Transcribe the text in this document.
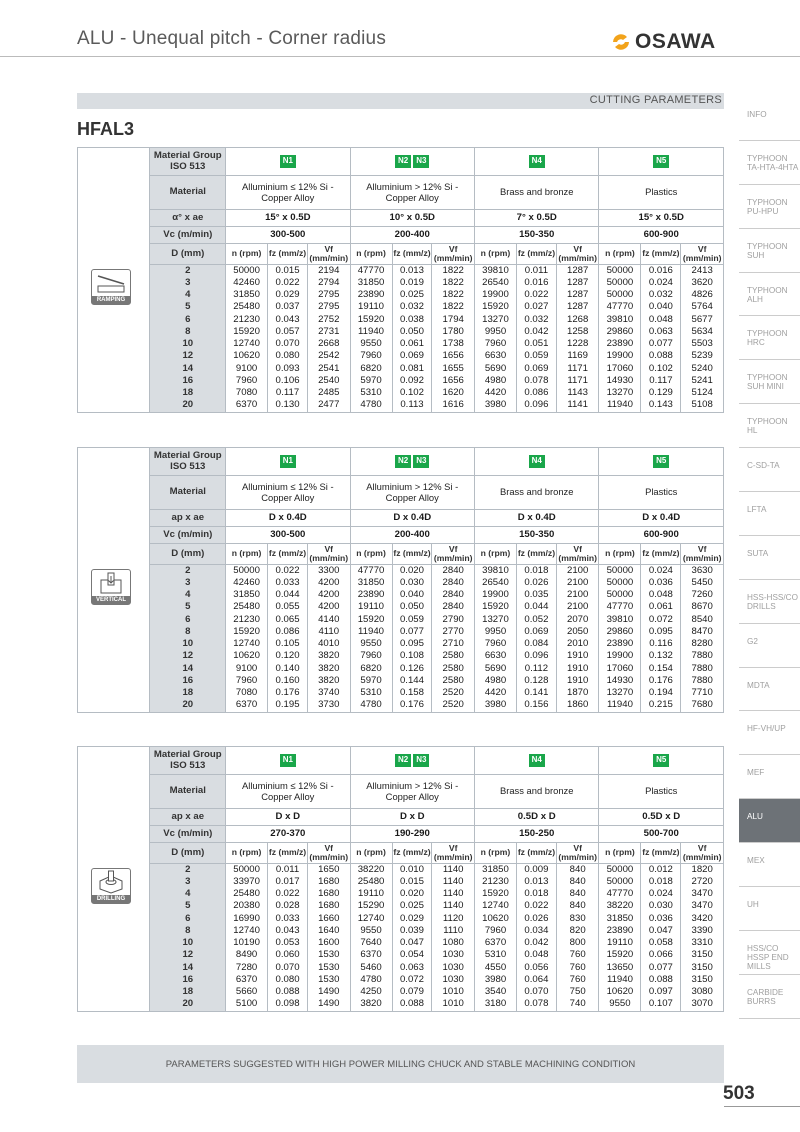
ALU - Unequal pitch - Corner radius	OSAWA
CUTTING PARAMETERS
HFAL3
	Material Group ISO 513	N1			N2 N3			N4			N5		
	Material	Alluminium ≤ 12% Si - Copper Alloy			Alluminium > 12% Si - Copper Alloy			Brass and bronze			Plastics		
	α° x ae	15° x 0.5D			10° x 0.5D			7° x 0.5D			15° x 0.5D		
	Vc (m/min)	300-500			200-400			150-350			600-900		
	D (mm)	n (rpm)	fz (mm/z)	Vf (mm/min)	n (rpm)	fz (mm/z)	Vf (mm/min)	n (rpm)	fz (mm/z)	Vf (mm/min)	n (rpm)	fz (mm/z)	Vf (mm/min)
	2	50000	0.015	2194	47770	0.013	1822	39810	0.011	1287	50000	0.016	2413
	3	42460	0.022	2794	31850	0.019	1822	26540	0.016	1287	50000	0.024	3620
	4	31850	0.029	2795	23890	0.025	1822	19900	0.022	1287	50000	0.032	4826
	5	25480	0.037	2795	19110	0.032	1822	15920	0.027	1287	47770	0.040	5764
	6	21230	0.043	2752	15920	0.038	1794	13270	0.032	1268	39810	0.048	5677
	8	15920	0.057	2731	11940	0.050	1780	9950	0.042	1258	29860	0.063	5634
	10	12740	0.070	2668	9550	0.061	1738	7960	0.051	1228	23890	0.077	5503
	12	10620	0.080	2542	7960	0.069	1656	6630	0.059	1169	19900	0.088	5239
	14	9100	0.093	2541	6820	0.081	1655	5690	0.069	1171	17060	0.102	5240
	16	7960	0.106	2540	5970	0.092	1656	4980	0.078	1171	14930	0.117	5241
	18	7080	0.117	2485	5310	0.102	1620	4420	0.086	1143	13270	0.129	5124
	20	6370	0.130	2477	4780	0.113	1616	3980	0.096	1141	11940	0.143	5108
RAMPING
	Material Group ISO 513	N1			N2 N3			N4			N5		
	Material	Alluminium ≤ 12% Si - Copper Alloy			Alluminium > 12% Si - Copper Alloy			Brass and bronze			Plastics		
	ap x ae	D x 0.4D			D x 0.4D			D x 0.4D			D x 0.4D		
	Vc (m/min)	300-500			200-400			150-350			600-900		
	D (mm)	n (rpm)	fz (mm/z)	Vf (mm/min)	n (rpm)	fz (mm/z)	Vf (mm/min)	n (rpm)	fz (mm/z)	Vf (mm/min)	n (rpm)	fz (mm/z)	Vf (mm/min)
	2	50000	0.022	3300	47770	0.020	2840	39810	0.018	2100	50000	0.024	3630
	3	42460	0.033	4200	31850	0.030	2840	26540	0.026	2100	50000	0.036	5450
	4	31850	0.044	4200	23890	0.040	2840	19900	0.035	2100	50000	0.048	7260
	5	25480	0.055	4200	19110	0.050	2840	15920	0.044	2100	47770	0.061	8670
	6	21230	0.065	4140	15920	0.059	2790	13270	0.052	2070	39810	0.072	8540
	8	15920	0.086	4110	11940	0.077	2770	9950	0.069	2050	29860	0.095	8470
	10	12740	0.105	4010	9550	0.095	2710	7960	0.084	2010	23890	0.116	8280
	12	10620	0.120	3820	7960	0.108	2580	6630	0.096	1910	19900	0.132	7880
	14	9100	0.140	3820	6820	0.126	2580	5690	0.112	1910	17060	0.154	7880
	16	7960	0.160	3820	5970	0.144	2580	4980	0.128	1910	14930	0.176	7880
	18	7080	0.176	3740	5310	0.158	2520	4420	0.141	1870	13270	0.194	7710
	20	6370	0.195	3730	4780	0.176	2520	3980	0.156	1860	11940	0.215	7680
VERTICAL
	Material Group ISO 513	N1			N2 N3			N4			N5		
	Material	Alluminium ≤ 12% Si - Copper Alloy			Alluminium > 12% Si - Copper Alloy			Brass and bronze			Plastics		
	ap x ae	D x D			D x D			0.5D x D			0.5D x D		
	Vc (m/min)	270-370			190-290			150-250			500-700		
	D (mm)	n (rpm)	fz (mm/z)	Vf (mm/min)	n (rpm)	fz (mm/z)	Vf (mm/min)	n (rpm)	fz (mm/z)	Vf (mm/min)	n (rpm)	fz (mm/z)	Vf (mm/min)
	2	50000	0.011	1650	38220	0.010	1140	31850	0.009	840	50000	0.012	1820
	3	33970	0.017	1680	25480	0.015	1140	21230	0.013	840	50000	0.018	2720
	4	25480	0.022	1680	19110	0.020	1140	15920	0.018	840	47770	0.024	3470
	5	20380	0.028	1680	15290	0.025	1140	12740	0.022	840	38220	0.030	3470
	6	16990	0.033	1660	12740	0.029	1120	10620	0.026	830	31850	0.036	3420
	8	12740	0.043	1640	9550	0.039	1110	7960	0.034	820	23890	0.047	3390
	10	10190	0.053	1600	7640	0.047	1080	6370	0.042	800	19110	0.058	3310
	12	8490	0.060	1530	6370	0.054	1030	5310	0.048	760	15920	0.066	3150
	14	7280	0.070	1530	5460	0.063	1030	4550	0.056	760	13650	0.077	3150
	16	6370	0.080	1530	4780	0.072	1030	3980	0.064	760	11940	0.088	3150
	18	5660	0.088	1490	4250	0.079	1010	3540	0.070	750	10620	0.097	3080
	20	5100	0.098	1490	3820	0.088	1010	3180	0.078	740	9550	0.107	3070
DRILLING
PARAMETERS SUGGESTED WITH HIGH POWER MILLING CHUCK AND STABLE MACHINING CONDITION
503
INFO
TYPHOON TA-HTA-4HTA
TYPHOON PU-HPU
TYPHOON SUH
TYPHOON ALH
TYPHOON HRC
TYPHOON SUH MINI
TYPHOON HL
C-SD-TA
LFTA
SUTA
HSS-HSS/CO DRILLS
G2
MDTA
HF-VH/UP
MEF
ALU
MEX
UH
HSS/CO HSSP END MILLS
CARBIDE BURRS
